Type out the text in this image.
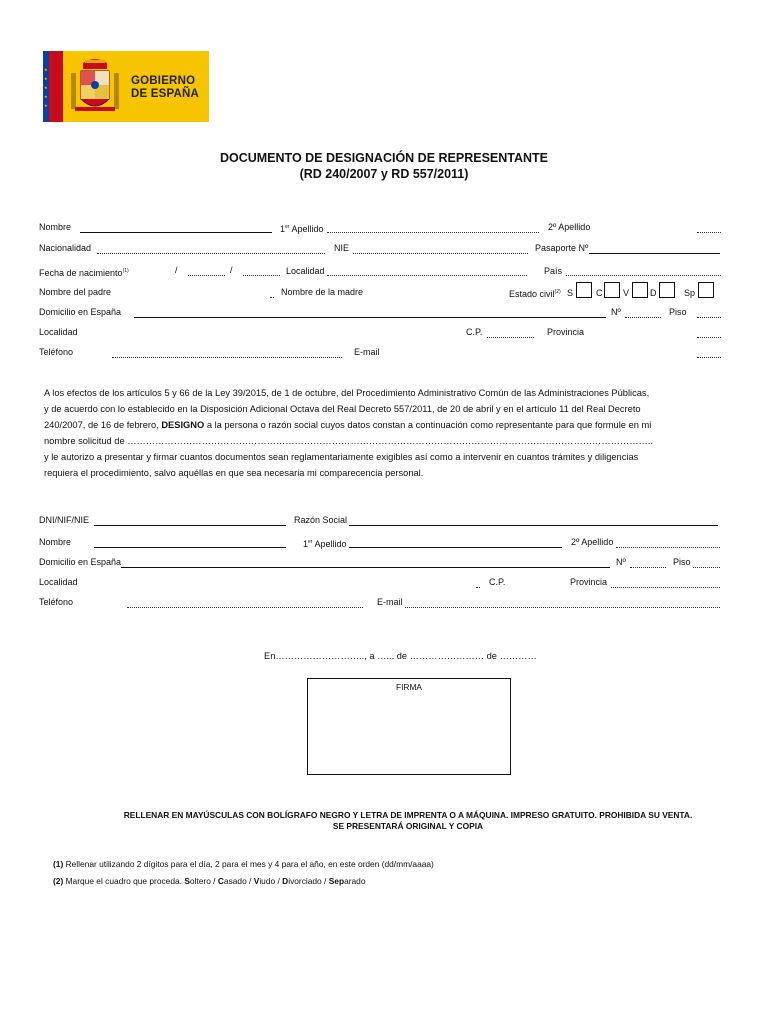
★
★
★
★
★
GOBIERNO
DE ESPAÑA
DOCUMENTO DE DESIGNACIÓN DE REPRESENTANTE
(RD 240/2007 y RD 557/2011)
Nombre	1er Apellido	2º Apellido
Nacionalidad	NIE	Pasaporte Nº
Fecha de nacimiento$^{(1)}$	/	/	Localidad	País
Nombre del padre	Nombre de la madre	Estado civil$^{(2)}$ S	C V D	Sp
Domicilio en España	Nº	Piso
Localidad	C.P.	Provincia
Teléfono	E-mail
A los efectos de los artículos 5 y 66 de la Ley 39/2015, de 1 de octubre, del Procedimiento Administrativo Común de las Administraciones Públicas,
y de acuerdo con lo establecido en la Disposición Adicional Octava del Real Decreto 557/2011, de 20 de abril y en el artículo 11 del Real Decreto
240/2007, de 16 de febrero, DESIGNO a la persona o razón social cuyos datos constan a continuación como representante para que formule en mi
nombre solicitud de ……………………………………………………………………………………………………………………………………………………..
y le autorizo a presentar y firmar cuantos documentos sean reglamentariamente exigibles así como a intervenir en cuantos trámites y diligencias
requiera el procedimiento, salvo aquéllas en que sea necesaria mi comparecencia personal.
DNI/NIF/NIE	Razón Social
Nombre	1er Apellido	2º Apellido
Domicilio en España	Nº	Piso
Localidad	C.P.	Provincia
Teléfono	E-mail
En……………………….., a …... de …………………… de …………
FIRMA
RELLENAR EN MAYÚSCULAS CON BOLÍGRAFO NEGRO Y LETRA DE IMPRENTA O A MÁQUINA. IMPRESO GRATUITO. PROHIBIDA SU VENTA.
SE PRESENTARÁ ORIGINAL Y COPIA
(1) Rellenar utilizando 2 dígitos para el día, 2 para el mes y 4 para el año, en este orden (dd/mm/aaaa)
(2) Marque el cuadro que proceda. Soltero / Casado / Viudo / Divorciado / Separado
